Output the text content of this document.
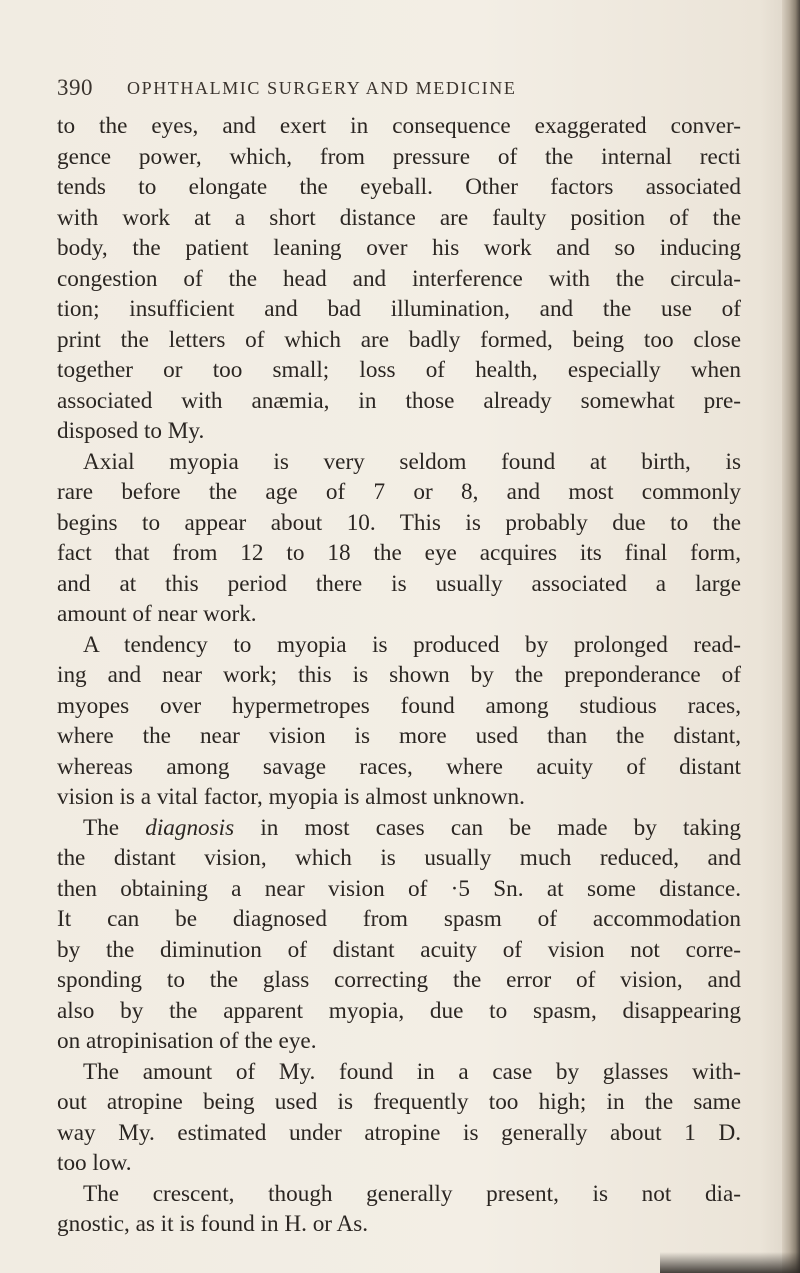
390 OPHTHALMIC SURGERY AND MEDICINE
to the eyes, and exert in consequence exaggerated conver-
gence power, which, from pressure of the internal recti
tends to elongate the eyeball. Other factors associated
with work at a short distance are faulty position of the
body, the patient leaning over his work and so inducing
congestion of the head and interference with the circula-
tion; insufficient and bad illumination, and the use of
print the letters of which are badly formed, being too close
together or too small; loss of health, especially when
associated with anæmia, in those already somewhat pre-
disposed to My.
Axial myopia is very seldom found at birth, is
rare before the age of 7 or 8, and most commonly
begins to appear about 10. This is probably due to the
fact that from 12 to 18 the eye acquires its final form,
and at this period there is usually associated a large
amount of near work.
A tendency to myopia is produced by prolonged read-
ing and near work; this is shown by the preponderance of
myopes over hypermetropes found among studious races,
where the near vision is more used than the distant,
whereas among savage races, where acuity of distant
vision is a vital factor, myopia is almost unknown.
The diagnosis in most cases can be made by taking
the distant vision, which is usually much reduced, and
then obtaining a near vision of ·5 Sn. at some distance.
It can be diagnosed from spasm of accommodation
by the diminution of distant acuity of vision not corre-
sponding to the glass correcting the error of vision, and
also by the apparent myopia, due to spasm, disappearing
on atropinisation of the eye.
The amount of My. found in a case by glasses with-
out atropine being used is frequently too high; in the same
way My. estimated under atropine is generally about 1 D.
too low.
The crescent, though generally present, is not dia-
gnostic, as it is found in H. or As.
